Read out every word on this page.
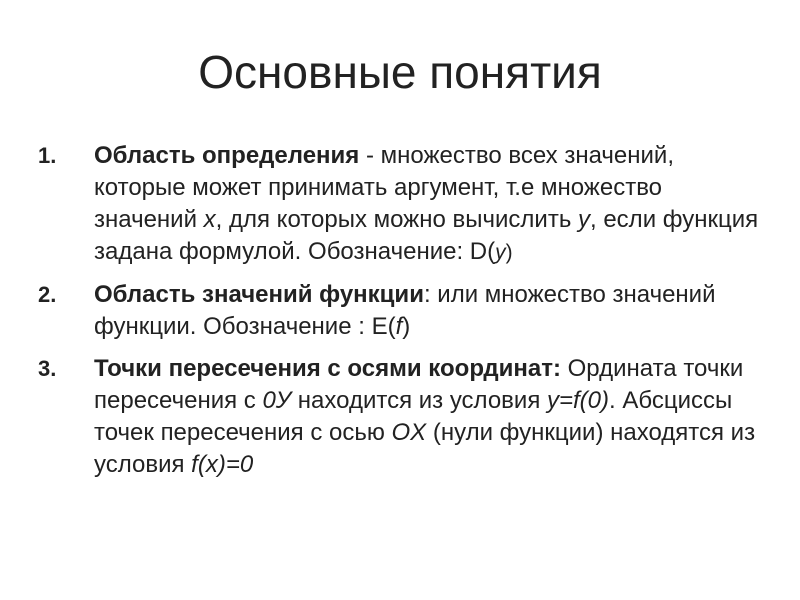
Основные понятия
1. Область определения - множество всех значений, которые может принимать аргумент, т.е множество значений x, для которых можно вычислить y, если функция задана формулой. Обозначение: D(y)
2. Область значений функции: или множество значений функции. Обозначение : E(f)
3. Точки пересечения с осями координат: Ордината точки пересечения с 0У находится из условия y=f(0). Абсциссы точек пересечения с осью OX (нули функции) находятся из условия f(x)=0
